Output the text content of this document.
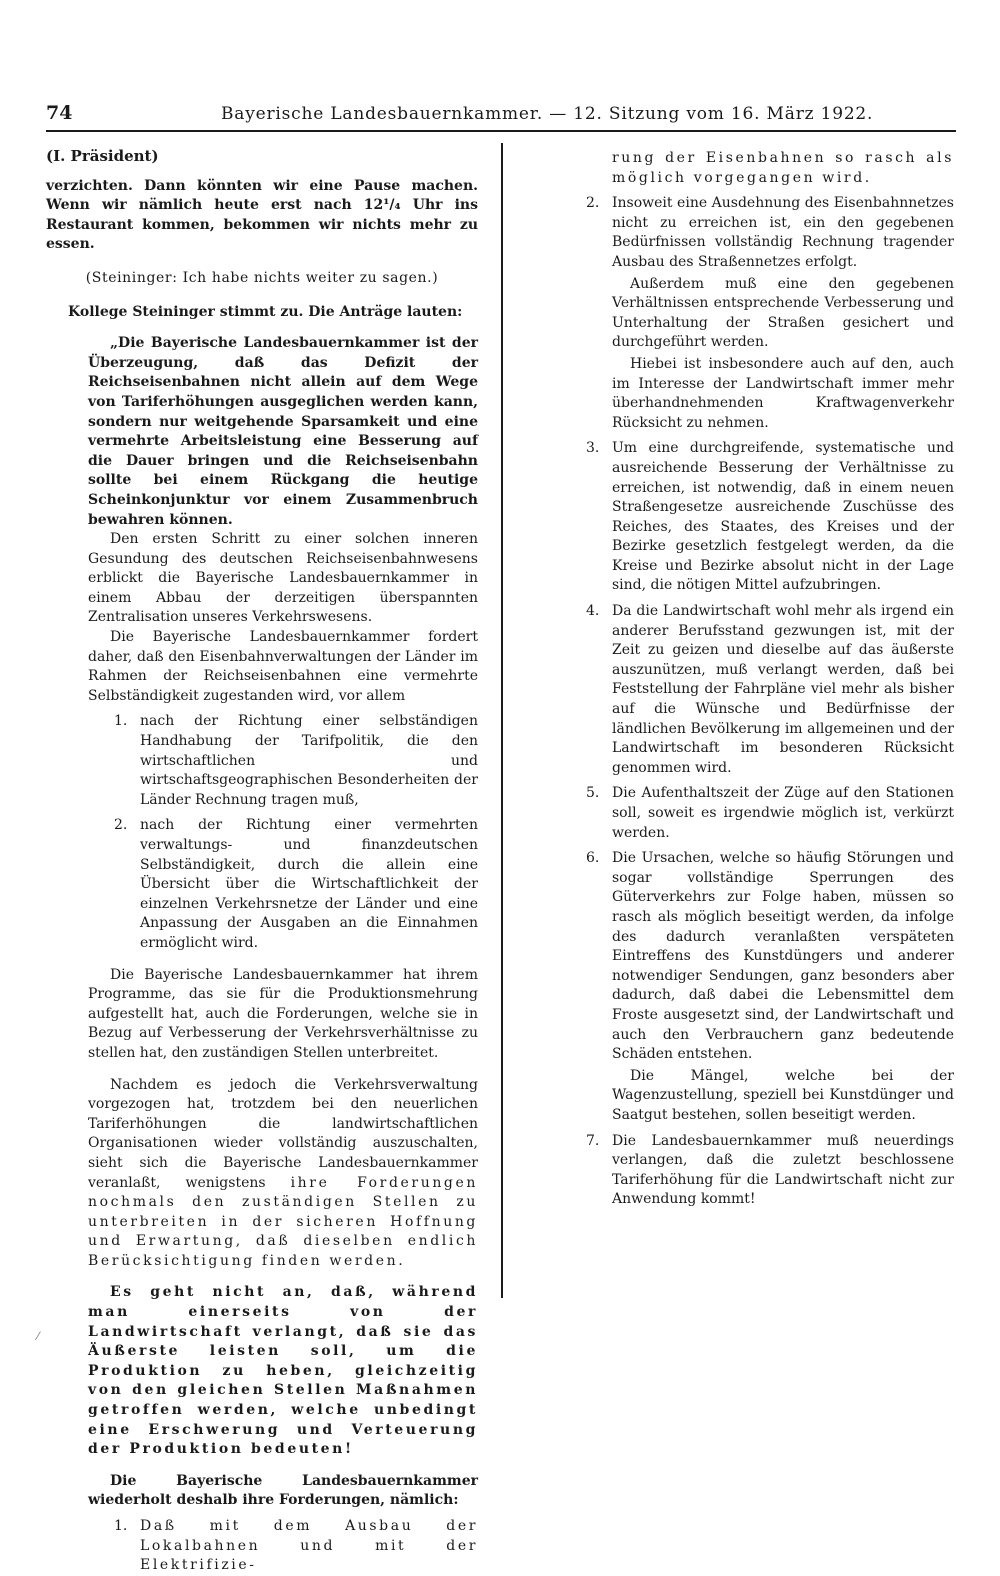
74	Bayerische Landesbauernkammer. — 12. Sitzung vom 16. März 1922.

(I. Präsident)

verzichten. Dann könnten wir eine Pause machen. Wenn wir nämlich heute erst nach 12¹/₄ Uhr ins Restaurant kommen, bekommen wir nichts mehr zu essen.

(Steininger: Ich habe nichts weiter zu sagen.)

Kollege Steininger stimmt zu. Die Anträge lauten:

„Die Bayerische Landesbauernkammer ist der Überzeugung, daß das Defizit der Reichseisenbahnen nicht allein auf dem Wege von Tariferhöhungen ausgeglichen werden kann, sondern nur weitgehende Sparsamkeit und eine vermehrte Arbeitsleistung eine Besserung auf die Dauer bringen und die Reichseisenbahn sollte bei einem Rückgang die heutige Scheinkonjunktur vor einem Zusammenbruch bewahren können.

Den ersten Schritt zu einer solchen inneren Gesundung des deutschen Reichseisenbahnwesens erblickt die Bayerische Landesbauernkammer in einem Abbau der derzeitigen überspannten Zentralisation unseres Verkehrswesens.

Die Bayerische Landesbauernkammer fordert daher, daß den Eisenbahnverwaltungen der Länder im Rahmen der Reichseisenbahnen eine vermehrte Selbständigkeit zugestanden wird, vor allem

1. nach der Richtung einer selbständigen Handhabung der Tarifpolitik, die den wirtschaftlichen und wirtschaftsgeographischen Besonderheiten der Länder Rechnung tragen muß,
2. nach der Richtung einer vermehrten verwaltungs- und finanzdeutschen Selbständigkeit, durch die allein eine Übersicht über die Wirtschaftlichkeit der einzelnen Verkehrsnetze der Länder und eine Anpassung der Ausgaben an die Einnahmen ermöglicht wird.

Die Bayerische Landesbauernkammer hat ihrem Programme, das sie für die Produktionsmehrung aufgestellt hat, auch die Forderungen, welche sie in Bezug auf Verbesserung der Verkehrsverhältnisse zu stellen hat, den zuständigen Stellen unterbreitet.

Nachdem es jedoch die Verkehrsverwaltung vorgezogen hat, trotzdem bei den neuerlichen Tariferhöhungen die landwirtschaftlichen Organisationen wieder vollständig auszuschalten, sieht sich die Bayerische Landesbauernkammer veranlaßt, wenigstens ihre Forderungen nochmals den zuständigen Stellen zu unterbreiten in der sicheren Hoffnung und Erwartung, daß dieselben endlich Berücksichtigung finden werden.

Es geht nicht an, daß, während man einerseits von der Landwirtschaft verlangt, daß sie das Äußerste leisten soll, um die Produktion zu heben, gleichzeitig von den gleichen Stellen Maßnahmen getroffen werden, welche unbedingt eine Erschwerung und Verteuerung der Produktion bedeuten!

Die Bayerische Landesbauernkammer wiederholt deshalb ihre Forderungen, nämlich:

1. Daß mit dem Ausbau der Lokalbahnen und mit der Elektrifizie-

rung der Eisenbahnen so rasch als möglich vorgegangen wird.

2. Insoweit eine Ausdehnung des Eisenbahnnetzes nicht zu erreichen ist, ein den gegebenen Bedürfnissen vollständig Rechnung tragender Ausbau des Straßennetzes erfolgt.
Außerdem muß eine den gegebenen Verhältnissen entsprechende Verbesserung und Unterhaltung der Straßen gesichert und durchgeführt werden.
Hiebei ist insbesondere auch auf den, auch im Interesse der Landwirtschaft immer mehr überhandnehmenden Kraftwagenverkehr Rücksicht zu nehmen.
3. Um eine durchgreifende, systematische und ausreichende Besserung der Verhältnisse zu erreichen, ist notwendig, daß in einem neuen Straßengesetze ausreichende Zuschüsse des Reiches, des Staates, des Kreises und der Bezirke gesetzlich festgelegt werden, da die Kreise und Bezirke absolut nicht in der Lage sind, die nötigen Mittel aufzubringen.
4. Da die Landwirtschaft wohl mehr als irgend ein anderer Berufsstand gezwungen ist, mit der Zeit zu geizen und dieselbe auf das äußerste auszunützen, muß verlangt werden, daß bei Feststellung der Fahrpläne viel mehr als bisher auf die Wünsche und Bedürfnisse der ländlichen Bevölkerung im allgemeinen und der Landwirtschaft im besonderen Rücksicht genommen wird.
5. Die Aufenthaltszeit der Züge auf den Stationen soll, soweit es irgendwie möglich ist, verkürzt werden.
6. Die Ursachen, welche so häufig Störungen und sogar vollständige Sperrungen des Güterverkehrs zur Folge haben, müssen so rasch als möglich beseitigt werden, da infolge des dadurch veranlaßten verspäteten Eintreffens des Kunstdüngers und anderer notwendiger Sendungen, ganz besonders aber dadurch, daß dabei die Lebensmittel dem Froste ausgesetzt sind, der Landwirtschaft und auch den Verbrauchern ganz bedeutende Schäden entstehen.
Die Mängel, welche bei der Wagenzustellung, speziell bei Kunstdünger und Saatgut bestehen, sollen beseitigt werden.
7. Die Landesbauernkammer muß neuerdings verlangen, daß die zuletzt beschlossene Tariferhöhung für die Landwirtschaft nicht zur Anwendung kommt!
⁄
